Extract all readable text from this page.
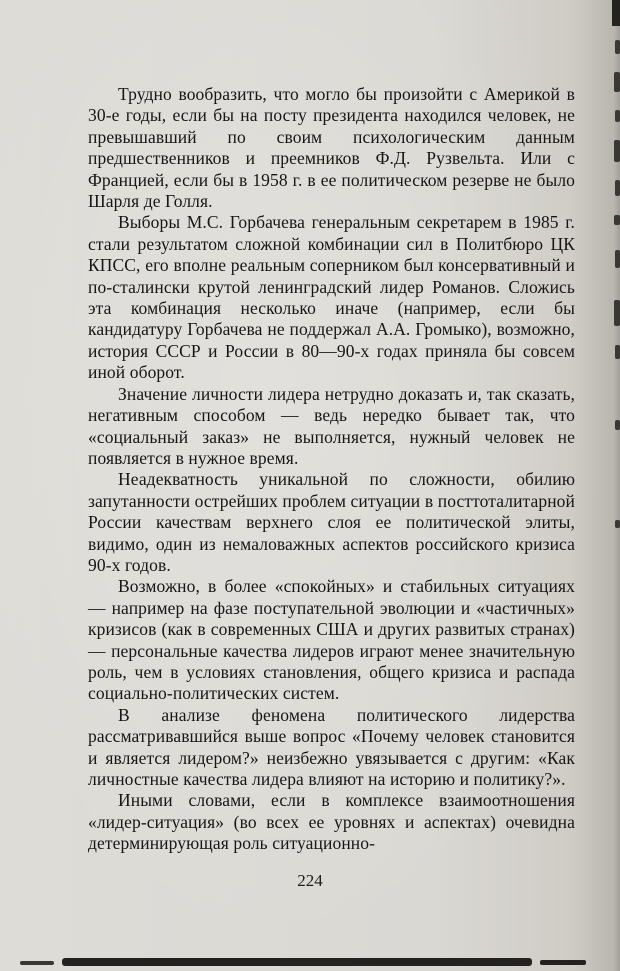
Трудно вообразить, что могло бы произойти с Америкой в 30-е годы, если бы на посту президента находился человек, не превышавший по своим психологическим данным предшественников и преемников Ф.Д. Рузвельта. Или с Францией, если бы в 1958 г. в ее политическом резерве не было Шарля де Голля.

Выборы М.С. Горбачева генеральным секретарем в 1985 г. стали результатом сложной комбинации сил в Политбюро ЦК КПСС, его вполне реальным соперником был консервативный и по-сталински крутой ленинградский лидер Романов. Сложись эта комбинация несколько иначе (например, если бы кандидатуру Горбачева не поддержал А.А. Громыко), возможно, история СССР и России в 80—90-х годах приняла бы совсем иной оборот.

Значение личности лидера нетрудно доказать и, так сказать, негативным способом — ведь нередко бывает так, что «социальный заказ» не выполняется, нужный человек не появляется в нужное время.

Неадекватность уникальной по сложности, обилию запутанности острейших проблем ситуации в посттоталитарной России качествам верхнего слоя ее политической элиты, видимо, один из немаловажных аспектов российского кризиса 90-х годов.

Возможно, в более «спокойных» и стабильных ситуациях — например на фазе поступательной эволюции и «частичных» кризисов (как в современных США и других развитых странах) — персональные качества лидеров играют менее значительную роль, чем в условиях становления, общего кризиса и распада социально-политических систем.

В анализе феномена политического лидерства рассматривавшийся выше вопрос «Почему человек становится и является лидером?» неизбежно увязывается с другим: «Как личностные качества лидера влияют на историю и политику?».

Иными словами, если в комплексе взаимоотношения «лидер-ситуация» (во всех ее уровнях и аспектах) очевидна детерминирующая роль ситуационно-

224
